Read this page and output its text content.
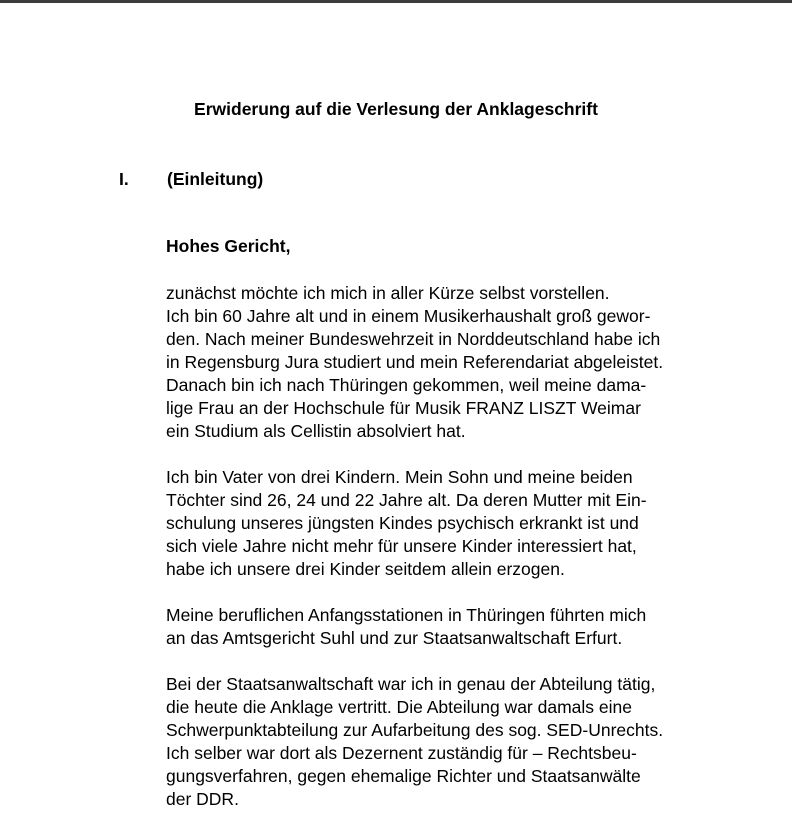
Erwiderung auf die Verlesung der Anklageschrift
I. (Einleitung)
Hohes Gericht,
zunächst möchte ich mich in aller Kürze selbst vorstellen.
Ich bin 60 Jahre alt und in einem Musikerhaushalt groß gewor-
den. Nach meiner Bundeswehrzeit in Norddeutschland habe ich
in Regensburg Jura studiert und mein Referendariat abgeleistet.
Danach bin ich nach Thüringen gekommen, weil meine dama-
lige Frau an der Hochschule für Musik FRANZ LISZT Weimar
ein Studium als Cellistin absolviert hat.
Ich bin Vater von drei Kindern. Mein Sohn und meine beiden
Töchter sind 26, 24 und 22 Jahre alt. Da deren Mutter mit Ein-
schulung unseres jüngsten Kindes psychisch erkrankt ist und
sich viele Jahre nicht mehr für unsere Kinder interessiert hat,
habe ich unsere drei Kinder seitdem allein erzogen.
Meine beruflichen Anfangsstationen in Thüringen führten mich
an das Amtsgericht Suhl und zur Staatsanwaltschaft Erfurt.
Bei der Staatsanwaltschaft war ich in genau der Abteilung tätig,
die heute die Anklage vertritt. Die Abteilung war damals eine
Schwerpunktabteilung zur Aufarbeitung des sog. SED-Unrechts.
Ich selber war dort als Dezernent zuständig für – Rechtsbeu-
gungsverfahren, gegen ehemalige Richter und Staatsanwälte
der DDR.
